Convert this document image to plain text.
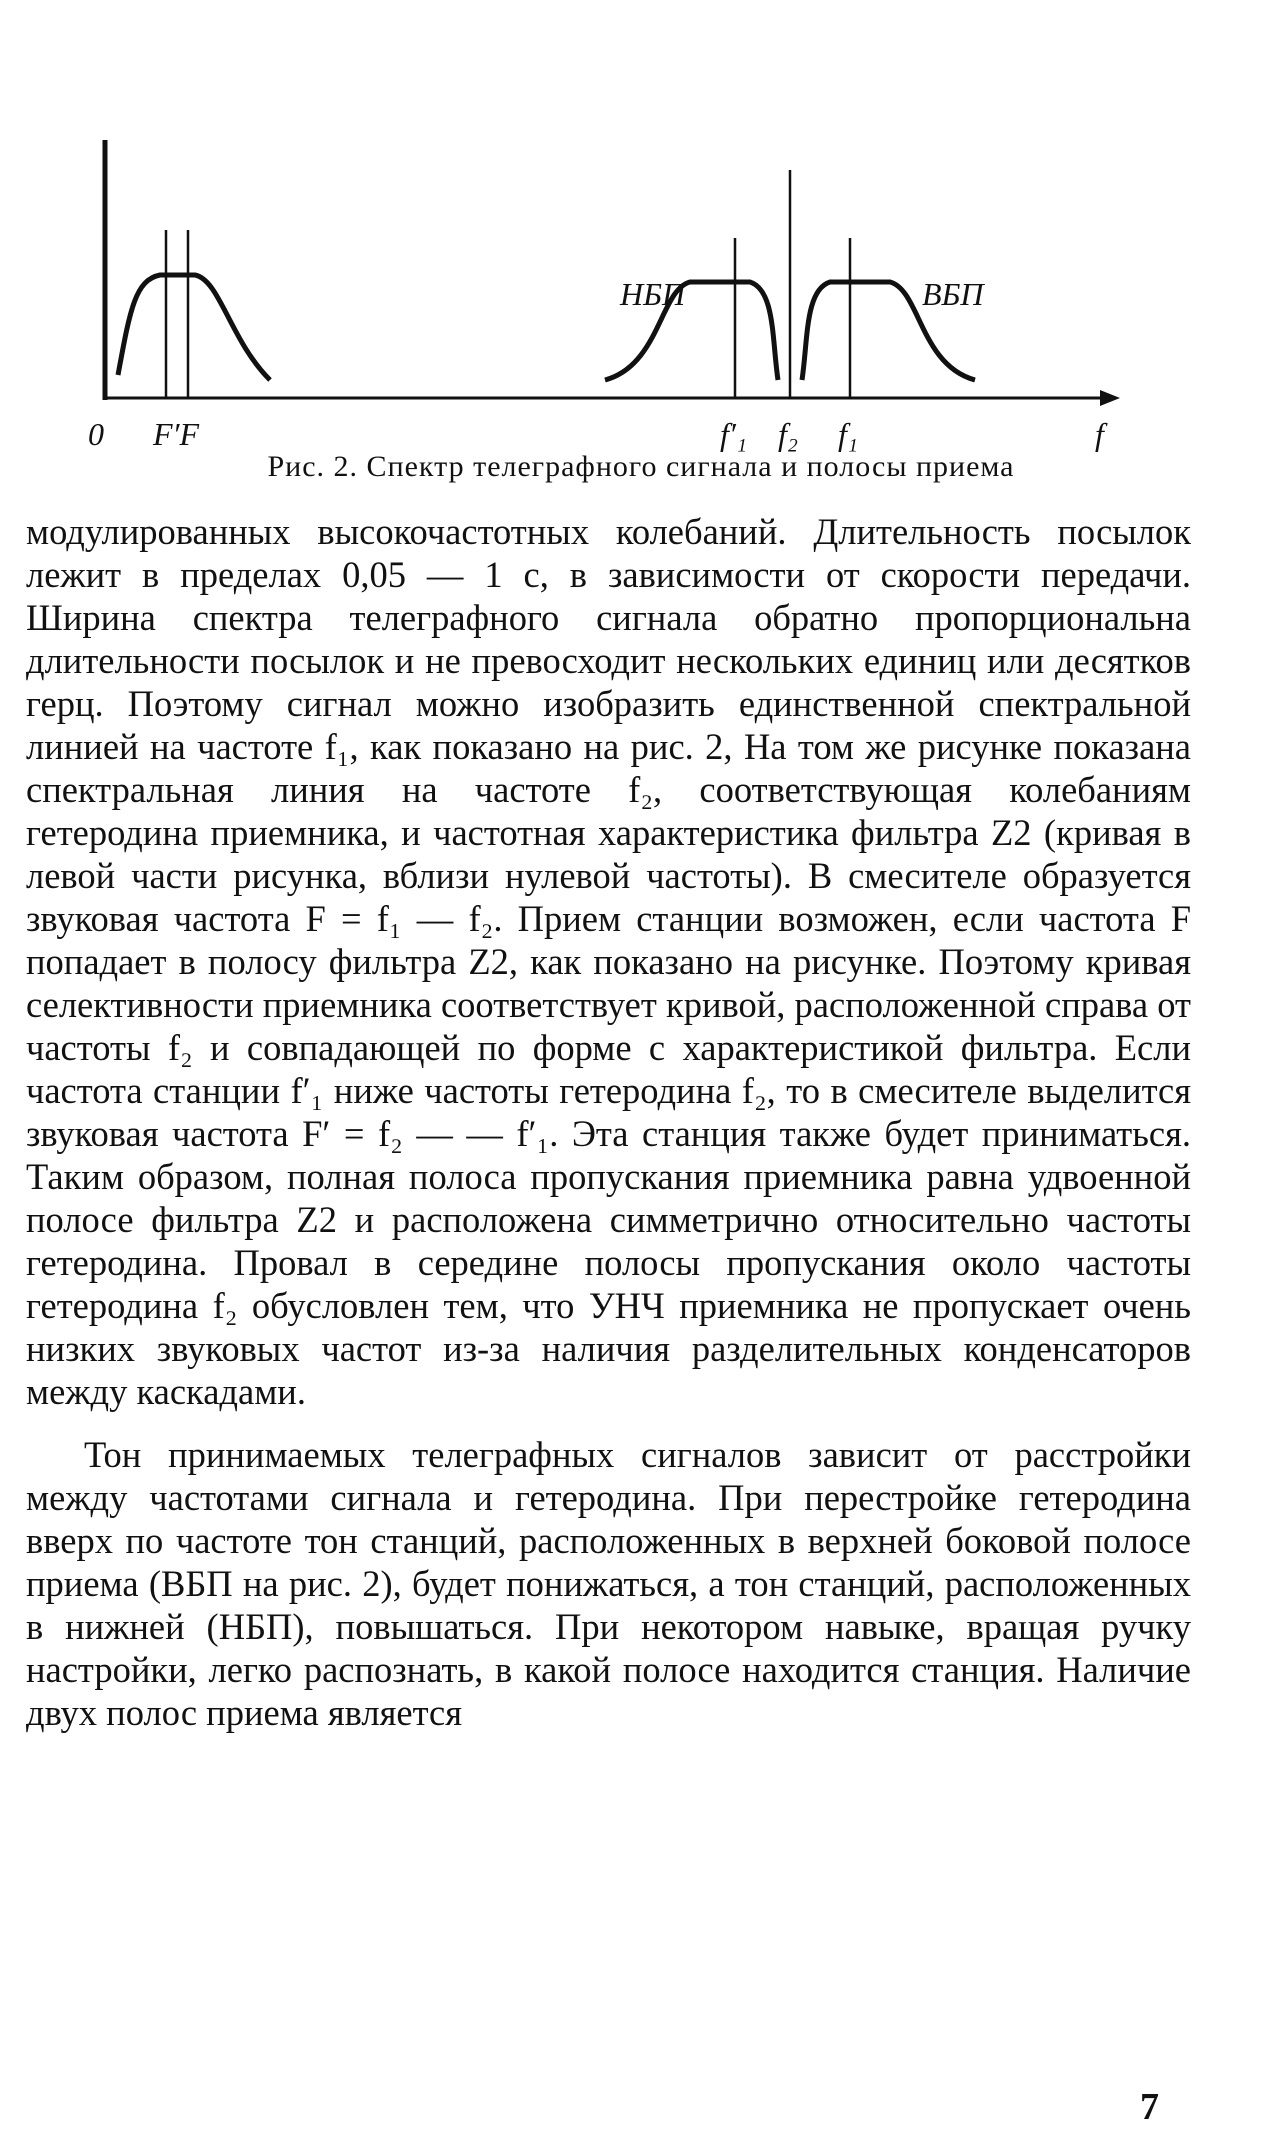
0 F′F
НБП	ВБП
f′₁ f₂ f₁	f
Рис. 2. Спектр телеграфного сигнала и полосы приема

модулированных высокочастотных колебаний. Длительность посылок лежит в пределах 0,05 — 1 с, в зависимости от скорости передачи. Ширина спектра телеграфного сигнала обратно пропорциональна длительности посылок и не превосходит нескольких единиц или десятков герц. Поэтому сигнал можно изобразить единственной спектральной линией на частоте f₁, как показано на рис. 2, На том же рисунке показана спектральная линия на частоте f₂, соответствующая колебаниям гетеродина приемника, и частотная характеристика фильтра Z2 (кривая в левой части рисунка, вблизи нулевой частоты). В смесителе образуется звуковая частота F = f₁ — f₂. Прием станции возможен, если частота F попадает в полосу фильтра Z2, как показано на рисунке. Поэтому кривая селективности приемника соответствует кривой, расположенной справа от частоты f₂ и совпадающей по форме с характеристикой фильтра. Если частота станции f′₁ ниже частоты гетеродина f₂, то в смесителе выделится звуковая частота F′ = f₂ — — f′₁. Эта станция также будет приниматься. Таким образом, полная полоса пропускания приемника равна удвоенной полосе фильтра Z2 и расположена симметрично относительно частоты гетеродина. Провал в середине полосы пропускания около частоты гетеродина f₂ обусловлен тем, что УНЧ приемника не пропускает очень низких звуковых частот из-за наличия разделительных конденсаторов между каскадами.

Тон принимаемых телеграфных сигналов зависит от расстройки между частотами сигнала и гетеродина. При перестройке гетеродина вверх по частоте тон станций, расположенных в верхней боковой полосе приема (ВБП на рис. 2), будет понижаться, а тон станций, расположенных в нижней (НБП), повышаться. При некотором навыке, вращая ручку настройки, легко распознать, в какой полосе находится станция. Наличие двух полос приема является

7
